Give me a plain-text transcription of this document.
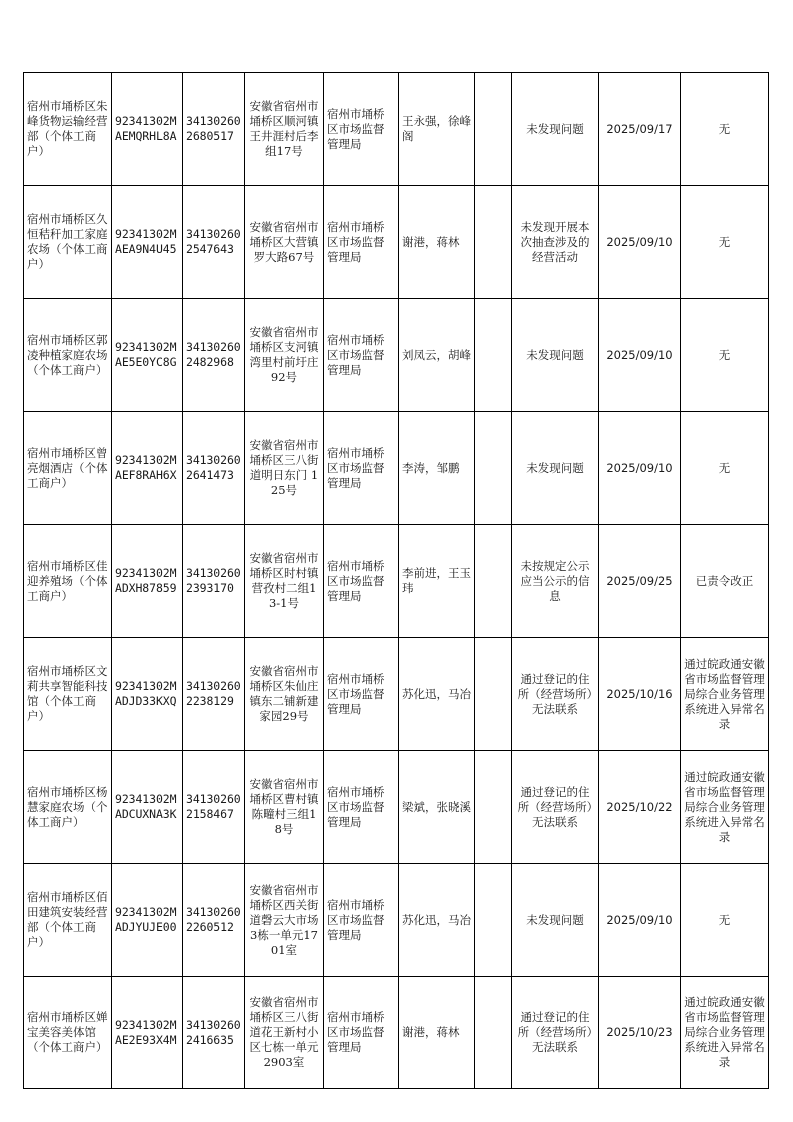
宿州市埇桥区朱峰货物运输经营部（个体工商户）	92341302MAEMQRHL8A	341302602680517	安徽省宿州市埇桥区顺河镇王井涯村后李组17号	宿州市埇桥区市场监督管理局	王永强，徐峰阁		未发现问题	2025/09/17	无
宿州市埇桥区久恒秸秆加工家庭农场（个体工商户）	92341302MAEA9N4U45	341302602547643	安徽省宿州市埇桥区大营镇罗大路67号	宿州市埇桥区市场监督管理局	谢港，蒋林		未发现开展本次抽查涉及的经营活动	2025/09/10	无
宿州市埇桥区郭凌种植家庭农场（个体工商户）	92341302MAE5E0YC8G	341302602482968	安徽省宿州市埇桥区支河镇湾里村前圩庄92号	宿州市埇桥区市场监督管理局	刘凤云，胡峰		未发现问题	2025/09/10	无
宿州市埇桥区曾亮烟酒店（个体工商户）	92341302MAEF8RAH6X	341302602641473	安徽省宿州市埇桥区三八街道明日东门 125号	宿州市埇桥区市场监督管理局	李涛，邹鹏		未发现问题	2025/09/10	无
宿州市埇桥区佳迎养殖场（个体工商户）	92341302MADXH87859	341302602393170	安徽省宿州市埇桥区时村镇营孜村二组13-1号	宿州市埇桥区市场监督管理局	李前进，王玉玮		未按规定公示应当公示的信息	2025/09/25	已责令改正
宿州市埇桥区文莉共享智能科技馆（个体工商户）	92341302MADJD33KXQ	341302602238129	安徽省宿州市埇桥区朱仙庄镇东二铺新建家园29号	宿州市埇桥区市场监督管理局	苏化迅，马冶		通过登记的住所（经营场所）无法联系	2025/10/16	通过皖政通安徽省市场监督管理局综合业务管理系统进入异常名录
宿州市埇桥区杨慧家庭农场（个体工商户）	92341302MADCUXNA3K	341302602158467	安徽省宿州市埇桥区曹村镇陈疃村三组18号	宿州市埇桥区市场监督管理局	梁斌，张晓溪		通过登记的住所（经营场所）无法联系	2025/10/22	通过皖政通安徽省市场监督管理局综合业务管理系统进入异常名录
宿州市埇桥区佰田建筑安装经营部（个体工商户）	92341302MADJYUJE00	341302602260512	安徽省宿州市埇桥区西关街道磬云大市场3栋一单元1701室	宿州市埇桥区市场监督管理局	苏化迅，马冶		未发现问题	2025/09/10	无
宿州市埇桥区婵宝美容美体馆（个体工商户）	92341302MAE2E93X4M	341302602416635	安徽省宿州市埇桥区三八街道花王新村小区七栋一单元2903室	宿州市埇桥区市场监督管理局	谢港，蒋林		通过登记的住所（经营场所）无法联系	2025/10/23	通过皖政通安徽省市场监督管理局综合业务管理系统进入异常名录
